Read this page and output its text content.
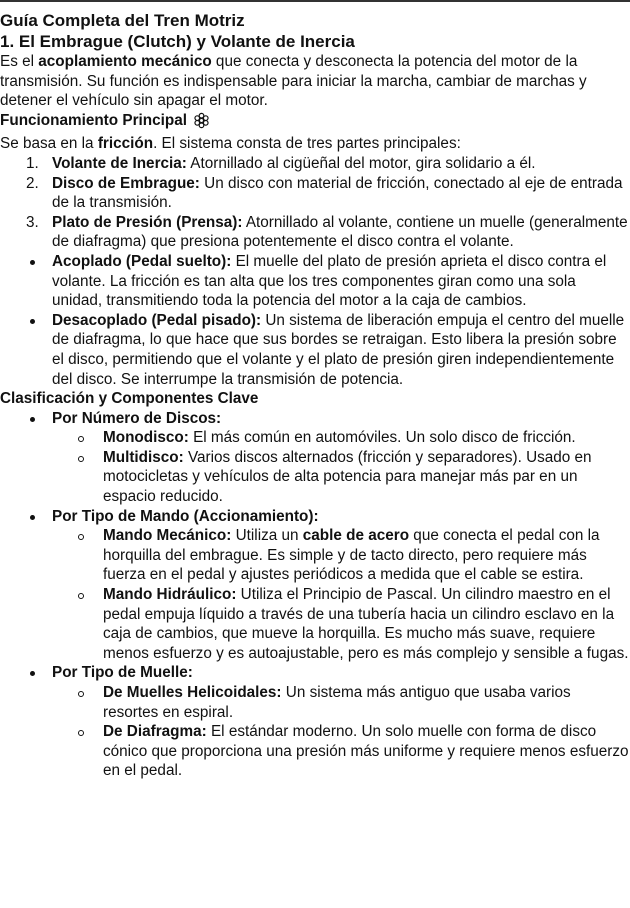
Guía Completa del Tren Motriz
1. El Embrague (Clutch) y Volante de Inercia

Es el acoplamiento mecánico que conecta y desconecta la potencia del motor de la transmisión. Su función es indispensable para iniciar la marcha, cambiar de marchas y detener el vehículo sin apagar el motor.

Funcionamiento Principal

Se basa en la fricción. El sistema consta de tres partes principales:

1. Volante de Inercia: Atornillado al cigüeñal del motor, gira solidario a él.
2. Disco de Embrague: Un disco con material de fricción, conectado al eje de entrada de la transmisión.
3. Plato de Presión (Prensa): Atornillado al volante, contiene un muelle (generalmente de diafragma) que presiona potentemente el disco contra el volante.
Acoplado (Pedal suelto): El muelle del plato de presión aprieta el disco contra el volante. La fricción es tan alta que los tres componentes giran como una sola unidad, transmitiendo toda la potencia del motor a la caja de cambios.
Desacoplado (Pedal pisado): Un sistema de liberación empuja el centro del muelle de diafragma, lo que hace que sus bordes se retraigan. Esto libera la presión sobre el disco, permitiendo que el volante y el plato de presión giren independientemente del disco. Se interrumpe la transmisión de potencia.
Clasificación y Componentes Clave
Por Número de Discos:
Monodisco: El más común en automóviles. Un solo disco de fricción.
Multidisco: Varios discos alternados (fricción y separadores). Usado en motocicletas y vehículos de alta potencia para manejar más par en un espacio reducido.
Por Tipo de Mando (Accionamiento):
Mando Mecánico: Utiliza un cable de acero que conecta el pedal con la horquilla del embrague. Es simple y de tacto directo, pero requiere más fuerza en el pedal y ajustes periódicos a medida que el cable se estira.
Mando Hidráulico: Utiliza el Principio de Pascal. Un cilindro maestro en el pedal empuja líquido a través de una tubería hacia un cilindro esclavo en la caja de cambios, que mueve la horquilla. Es mucho más suave, requiere menos esfuerzo y es autoajustable, pero es más complejo y sensible a fugas.
Por Tipo de Muelle:
De Muelles Helicoidales: Un sistema más antiguo que usaba varios resortes en espiral.
De Diafragma: El estándar moderno. Un solo muelle con forma de disco cónico que proporciona una presión más uniforme y requiere menos esfuerzo en el pedal.
